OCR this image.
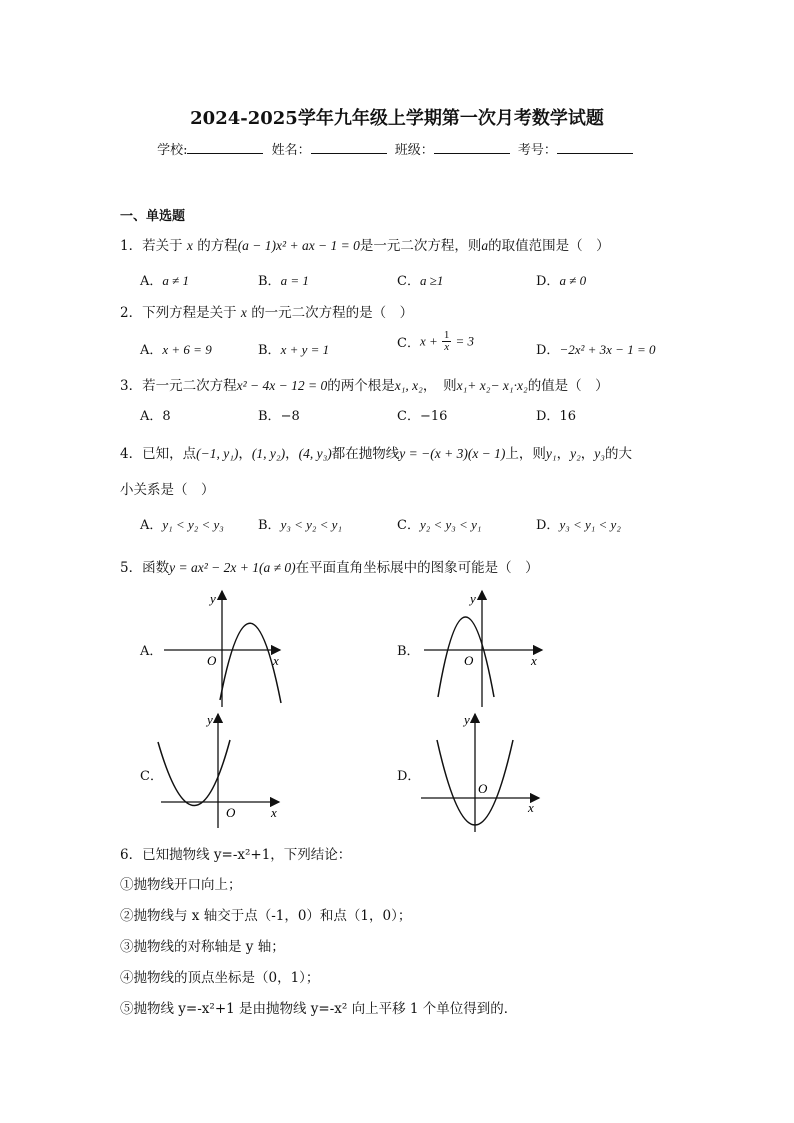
2024-2025学年九年级上学期第一次月考数学试题
学校:	姓名：	班级：	考号：
一、单选题
1．若关于 x 的方程(a − 1)x² + ax − 1 = 0是一元二次方程，则a的取值范围是（　）
A．a ≠ 1	B．a = 1	C．a ≥1	D．a ≠ 0
2．下列方程是关于 x 的一元二次方程的是（　）
A．x + 6 = 9	B．x + y = 1	C．$x + \frac{1}{x} = 3$
D．−2x² + 3x − 1 = 0
3．若一元二次方程x² − 4x − 12 = 0的两个根是x₁, x₂，　则x₁+ x₂− x₁·x₂的值是（　）
A．8	B．−8	C．−16	D．16
4．已知，点(−1, y₁)，(1, y₂)，(4, y₃)都在抛物线y = −(x + 3)(x − 1)上，则y₁，y₂，y₃的大
小关系是（　）
A．y₁ < y₂ < y₃	B．y₃ < y₂ < y₁	C．y₂ < y₃ < y₁	D．y₃ < y₁ < y₂
5．函数y = ax² − 2x + 1(a ≠ 0)在平面直角坐标展中的图象可能是（　）
A．
y
x
O
B．
y
x
O
C．
y
x
O
D．
y
x
O
6．已知抛物线 y=-x²+1，下列结论：
①抛物线开口向上；
②抛物线与 x 轴交于点（-1，0）和点（1，0）；
③抛物线的对称轴是 y 轴；
④抛物线的顶点坐标是（0，1）；
⑤抛物线 y=-x²+1 是由抛物线 y=-x² 向上平移 1 个单位得到的．
